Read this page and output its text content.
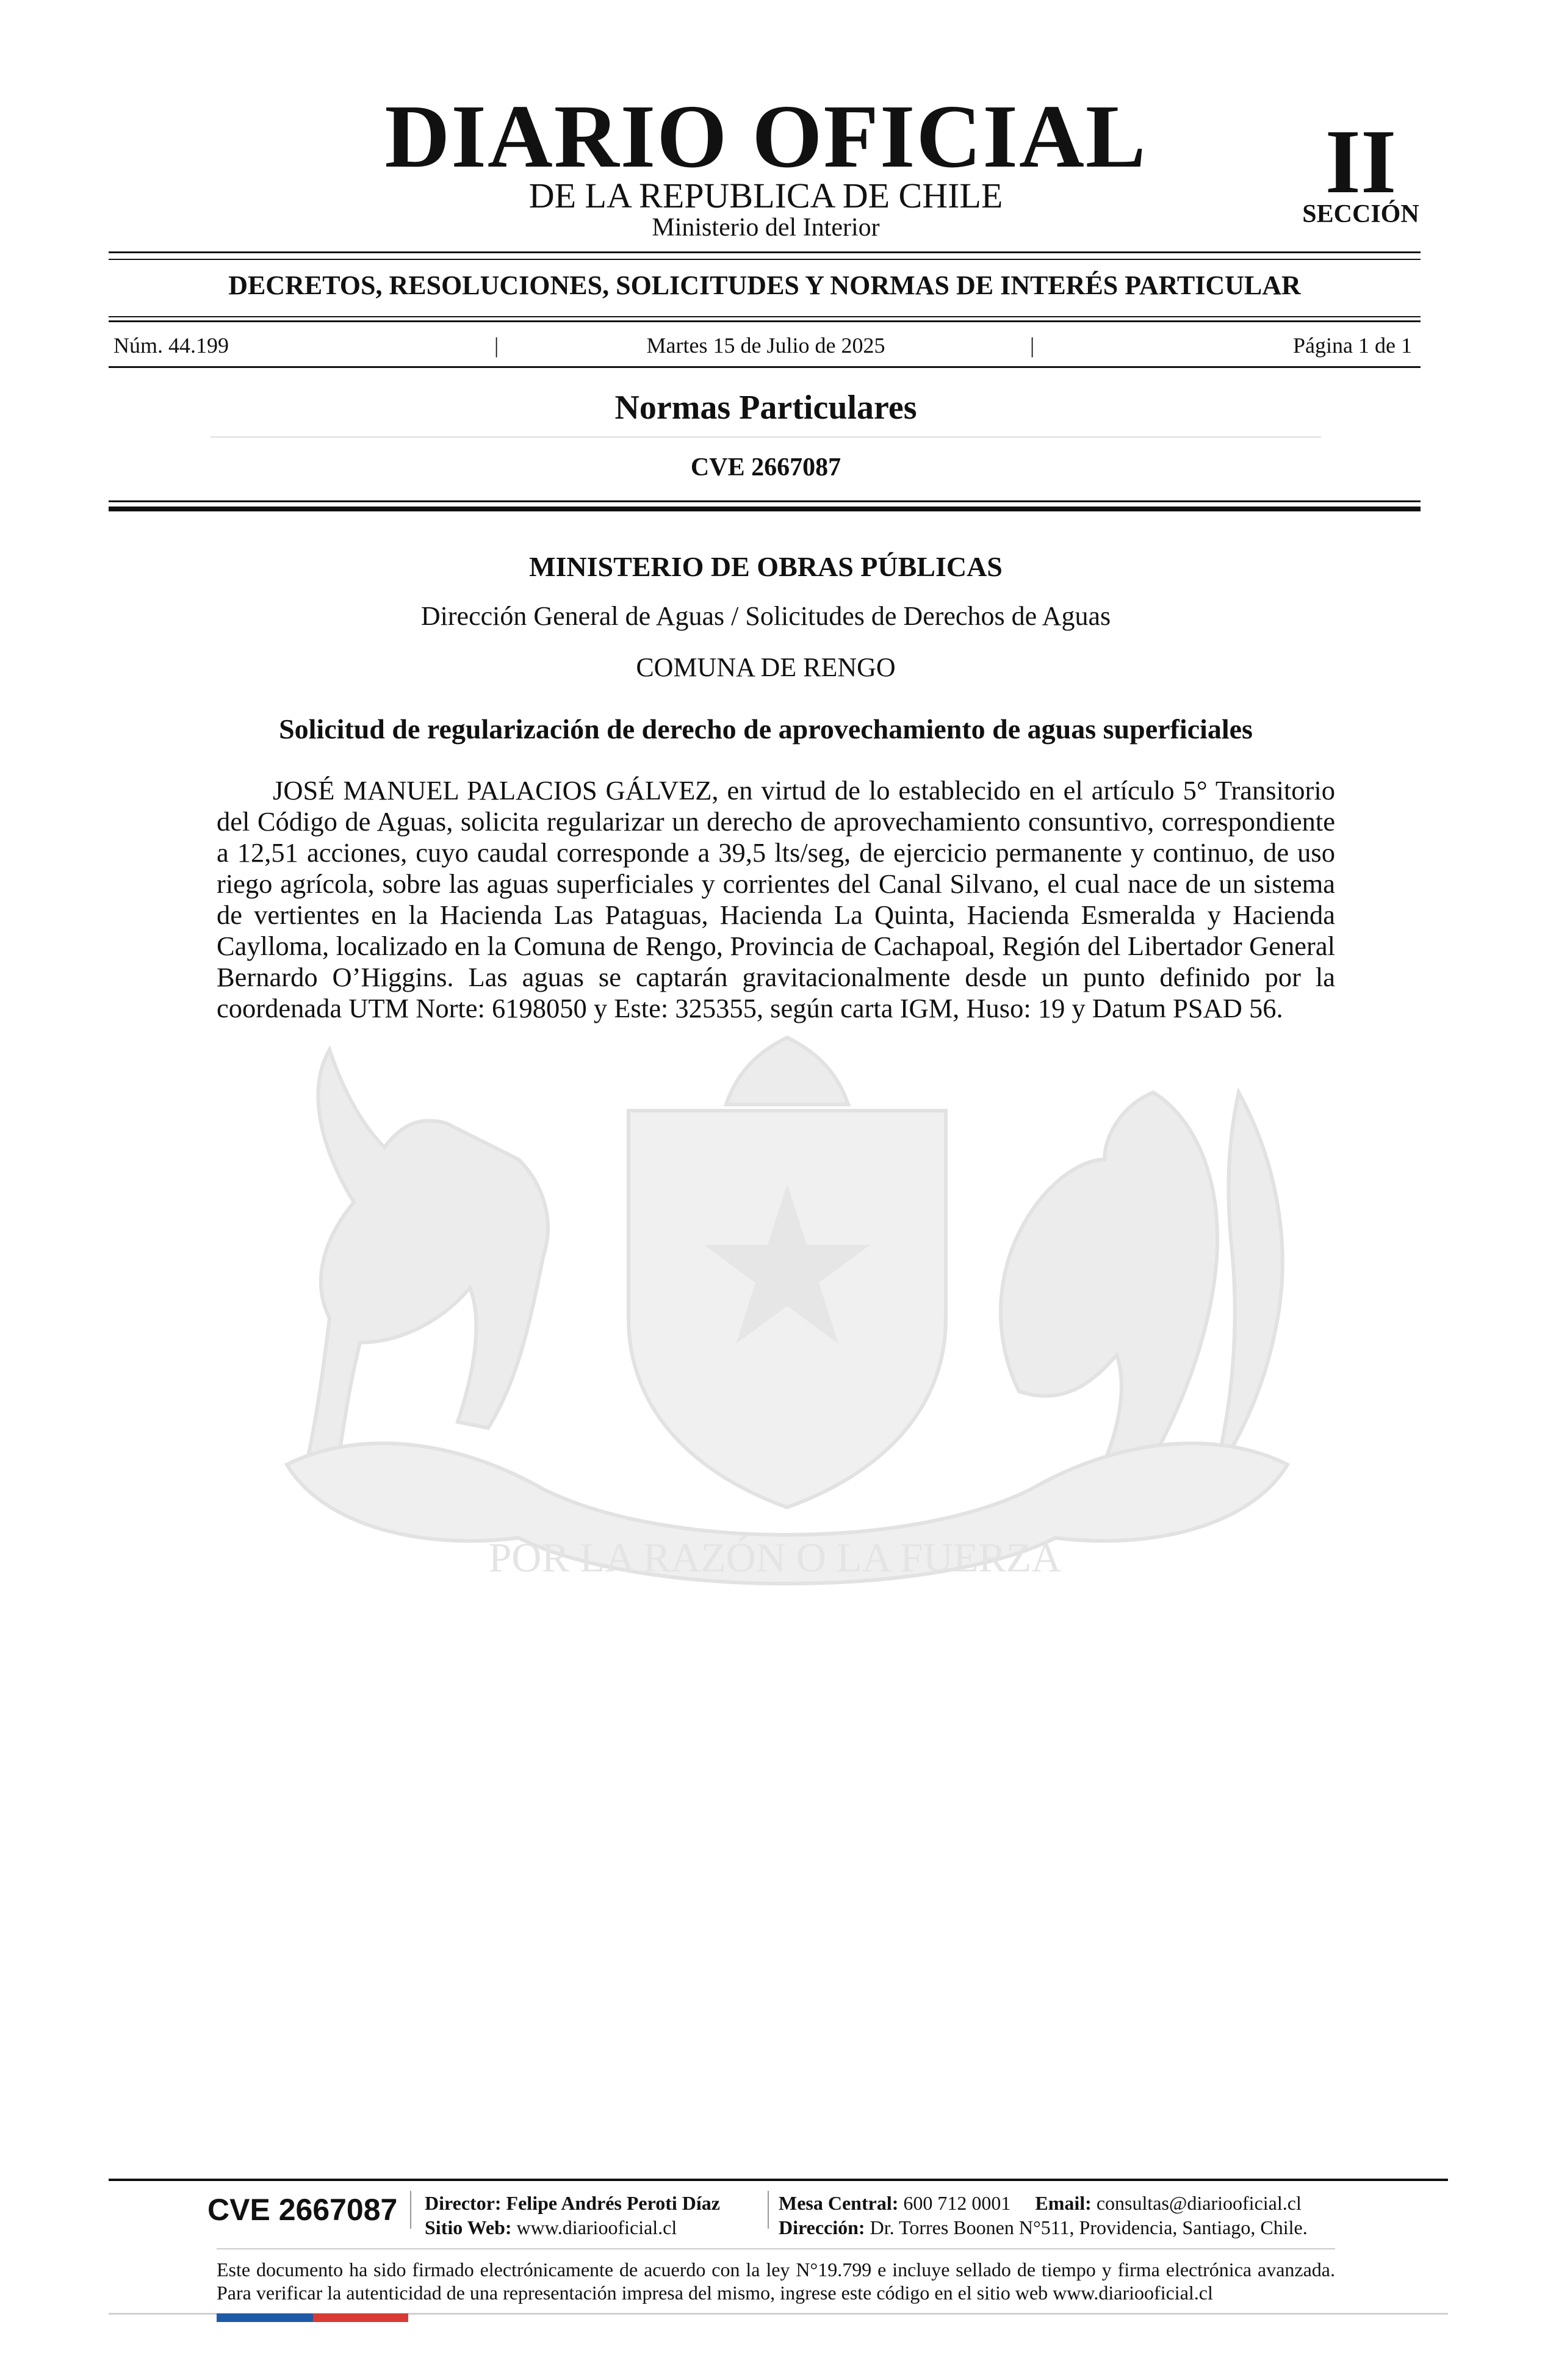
DIARIO OFICIAL
DE LA REPUBLICA DE CHILE
Ministerio del Interior
II
SECCIÓN
DECRETOS, RESOLUCIONES, SOLICITUDES Y NORMAS DE INTERÉS PARTICULAR
Núm. 44.199	|	Martes 15 de Julio de 2025	|	Página 1 de 1
Normas Particulares
CVE 2667087
POR LA RAZÓN O LA FUERZA
MINISTERIO DE OBRAS PÚBLICAS
Dirección General de Aguas / Solicitudes de Derechos de Aguas
COMUNA DE RENGO
Solicitud de regularización de derecho de aprovechamiento de aguas superficiales
JOSÉ MANUEL PALACIOS GÁLVEZ, en virtud de lo establecido en el artículo 5° Transitorio del Código de Aguas, solicita regularizar un derecho de aprovechamiento consuntivo, correspondiente a 12,51 acciones, cuyo caudal corresponde a 39,5 lts/seg, de ejercicio permanente y continuo, de uso riego agrícola, sobre las aguas superficiales y corrientes del Canal Silvano, el cual nace de un sistema de vertientes en la Hacienda Las Pataguas, Hacienda La Quinta, Hacienda Esmeralda y Hacienda Caylloma, localizado en la Comuna de Rengo, Provincia de Cachapoal, Región del Libertador General Bernardo O’Higgins. Las aguas se captarán gravitacionalmente desde un punto definido por la coordenada UTM Norte: 6198050 y Este: 325355, según carta IGM, Huso: 19 y Datum PSAD 56.
CVE 2667087 Director: Felipe Andrés Peroti Díaz
Sitio Web: www.diariooficial.cl
Mesa Central: 600 712 0001 Email: consultas@diariooficial.cl
Dirección: Dr. Torres Boonen N°511, Providencia, Santiago, Chile.
Este documento ha sido firmado electrónicamente de acuerdo con la ley N°19.799 e incluye sellado de tiempo y firma electrónica avanzada. Para verificar la autenticidad de una representación impresa del mismo, ingrese este código en el sitio web www.diariooficial.cl
